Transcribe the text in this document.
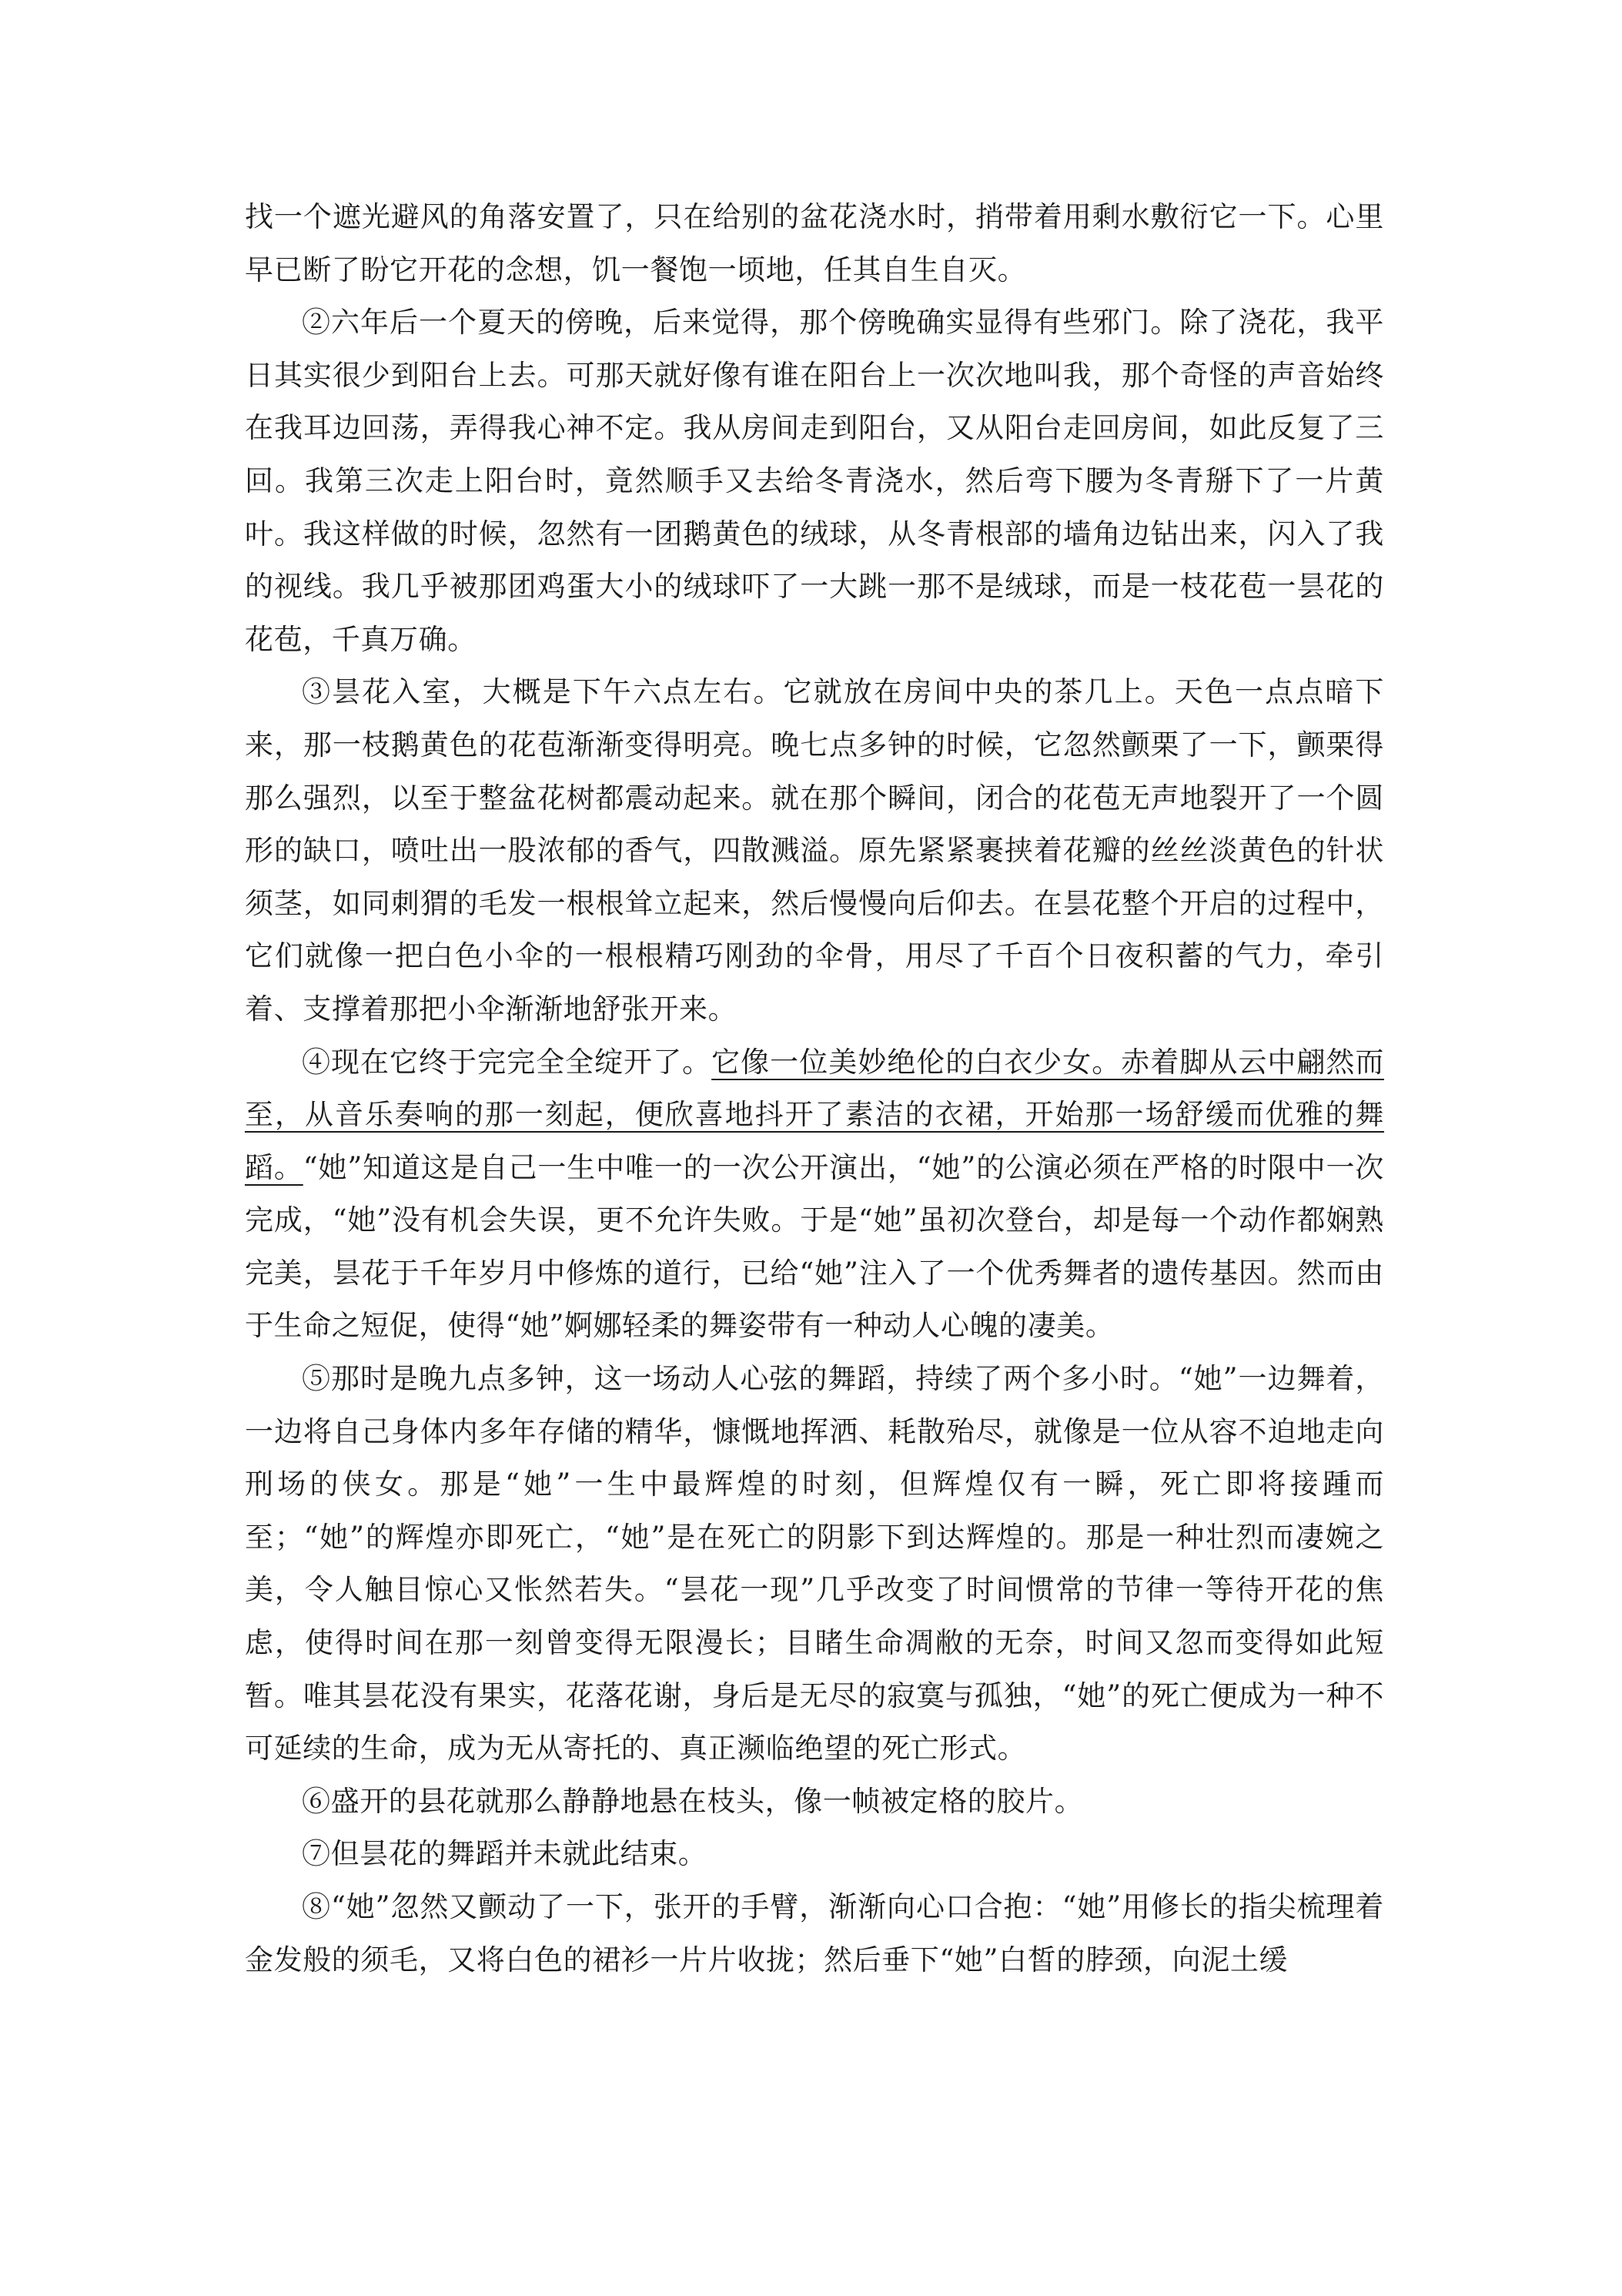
找一个遮光避风的角落安置了，只在给别的盆花浇水时，捎带着用剩水敷衍它一下。心里早已断了盼它开花的念想，饥一餐饱一顷地，任其自生自灭。

②六年后一个夏天的傍晚，后来觉得，那个傍晚确实显得有些邪门。除了浇花，我平日其实很少到阳台上去。可那天就好像有谁在阳台上一次次地叫我，那个奇怪的声音始终在我耳边回荡，弄得我心神不定。我从房间走到阳台，又从阳台走回房间，如此反复了三回。我第三次走上阳台时，竟然顺手又去给冬青浇水，然后弯下腰为冬青掰下了一片黄叶。我这样做的时候，忽然有一团鹅黄色的绒球，从冬青根部的墙角边钻出来，闪入了我的视线。我几乎被那团鸡蛋大小的绒球吓了一大跳一那不是绒球，而是一枝花苞一昙花的花苞，千真万确。

③昙花入室，大概是下午六点左右。它就放在房间中央的茶几上。天色一点点暗下来，那一枝鹅黄色的花苞渐渐变得明亮。晚七点多钟的时候，它忽然颤栗了一下，颤栗得那么强烈，以至于整盆花树都震动起来。就在那个瞬间，闭合的花苞无声地裂开了一个圆形的缺口，喷吐出一股浓郁的香气，四散溅溢。原先紧紧裹挟着花瓣的丝丝淡黄色的针状须茎，如同刺猬的毛发一根根耸立起来，然后慢慢向后仰去。在昙花整个开启的过程中，它们就像一把白色小伞的一根根精巧刚劲的伞骨，用尽了千百个日夜积蓄的气力，牵引着、支撑着那把小伞渐渐地舒张开来。

④现在它终于完完全全绽开了。它像一位美妙绝伦的白衣少女。赤着脚从云中翩然而至，从音乐奏响的那一刻起，便欣喜地抖开了素洁的衣裙，开始那一场舒缓而优雅的舞蹈。“她”知道这是自己一生中唯一的一次公开演出，“她”的公演必须在严格的时限中一次完成，“她”没有机会失误，更不允许失败。于是“她”虽初次登台，却是每一个动作都娴熟完美，昙花于千年岁月中修炼的道行，已给“她”注入了一个优秀舞者的遗传基因。然而由于生命之短促，使得“她”婀娜轻柔的舞姿带有一种动人心魄的凄美。

⑤那时是晚九点多钟，这一场动人心弦的舞蹈，持续了两个多小时。“她”一边舞着，一边将自己身体内多年存储的精华，慷慨地挥洒、耗散殆尽，就像是一位从容不迫地走向刑场的侠女。那是“她”一生中最辉煌的时刻，但辉煌仅有一瞬，死亡即将接踵而至；“她”的辉煌亦即死亡，“她”是在死亡的阴影下到达辉煌的。那是一种壮烈而凄婉之美，令人触目惊心又怅然若失。“昙花一现”几乎改变了时间惯常的节律一等待开花的焦虑，使得时间在那一刻曾变得无限漫长；目睹生命凋敝的无奈，时间又忽而变得如此短暂。唯其昙花没有果实，花落花谢，身后是无尽的寂寞与孤独，“她”的死亡便成为一种不可延续的生命，成为无从寄托的、真正濒临绝望的死亡形式。

⑥盛开的县花就那么静静地悬在枝头，像一帧被定格的胶片。

⑦但昙花的舞蹈并未就此结束。

⑧“她”忽然又颤动了一下，张开的手臂，渐渐向心口合抱：“她”用修长的指尖梳理着金发般的须毛，又将白色的裙衫一片片收拢；然后垂下“她”白皙的脖颈，向泥土缓
